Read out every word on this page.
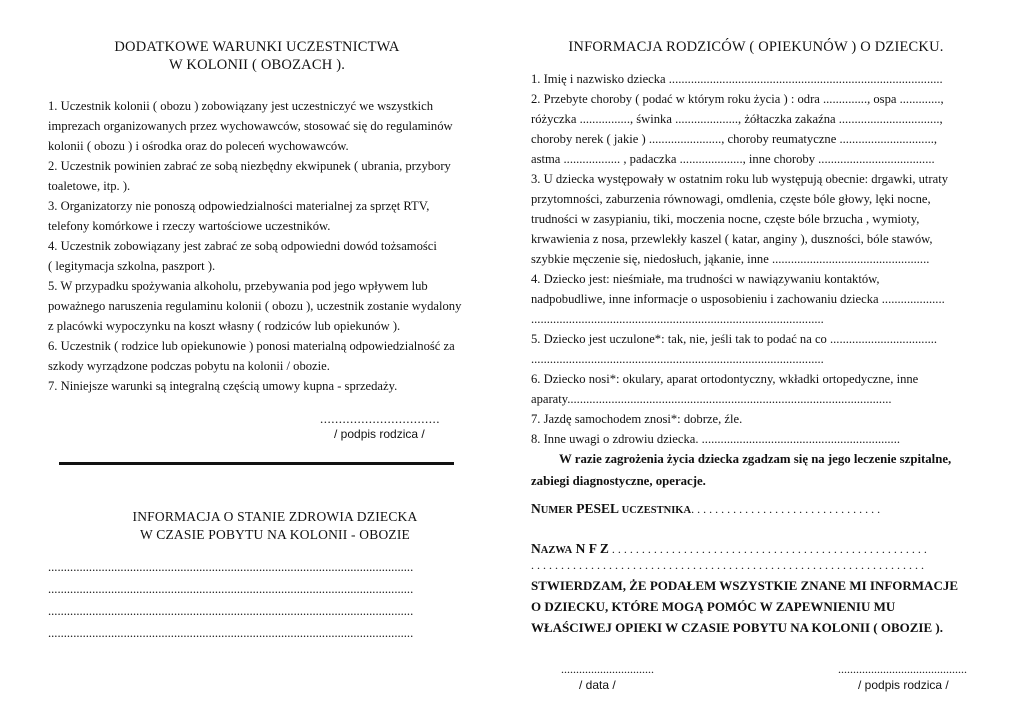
DODATKOWE WARUNKI UCZESTNICTWA
W KOLONII ( OBOZACH ).
1. Uczestnik kolonii ( obozu ) zobowiązany jest uczestniczyć we wszystkich
imprezach organizowanych przez wychowawców, stosować się do regulaminów
kolonii ( obozu ) i ośrodka oraz do poleceń wychowawców.
2. Uczestnik powinien zabrać ze sobą niezbędny ekwipunek ( ubrania, przybory
toaletowe, itp. ).
3. Organizatorzy nie ponoszą odpowiedzialności materialnej za sprzęt RTV,
telefony komórkowe i rzeczy wartościowe uczestników.
4. Uczestnik zobowiązany jest zabrać ze sobą odpowiedni dowód tożsamości
( legitymacja szkolna, paszport ).
5. W przypadku spożywania alkoholu, przebywania pod jego wpływem lub
poważnego naruszenia regulaminu kolonii ( obozu ), uczestnik zostanie wydalony
z placówki wypoczynku na koszt własny ( rodziców lub opiekunów ).
6. Uczestnik ( rodzice lub opiekunowie ) ponosi materialną odpowiedzialność za
szkody wyrządzone podczas pobytu na kolonii / obozie.
7. Niniejsze warunki są integralną częścią umowy kupna - sprzedaży.
................................
/ podpis rodzica /
INFORMACJA O STANIE ZDROWIA DZIECKA
W CZASIE POBYTU NA KOLONII - OBOZIE
....................................................................................................................
....................................................................................................................
....................................................................................................................
....................................................................................................................
INFORMACJA RODZICÓW ( OPIEKUNÓW ) O DZIECKU.
1. Imię i nazwisko dziecka .......................................................................................
2. Przebyte choroby ( podać w którym roku życia ) : odra .............., ospa .............,
różyczka ................, świnka ...................., żółtaczka zakaźna ................................,
choroby nerek ( jakie ) ......................., choroby reumatyczne ..............................,
astma .................. , padaczka ...................., inne choroby .....................................
3. U dziecka występowały w ostatnim roku lub występują obecnie: drgawki, utraty
przytomności, zaburzenia równowagi, omdlenia, częste bóle głowy, lęki nocne,
trudności w zasypianiu, tiki, moczenia nocne, częste bóle brzucha , wymioty,
krwawienia z nosa, przewlekły kaszel ( katar, anginy ), duszności, bóle stawów,
szybkie męczenie się, niedosłuch, jąkanie, inne ..................................................
4. Dziecko jest: nieśmiałe, ma trudności w nawiązywaniu kontaktów,
nadpobudliwe, inne informacje o usposobieniu i zachowaniu dziecka ....................
.............................................................................................
5. Dziecko jest uczulone*: tak, nie, jeśli tak to podać na co ..................................
.............................................................................................
6. Dziecko nosi*: okulary, aparat ortodontyczny, wkładki ortopedyczne, inne
aparaty.......................................................................................................
7. Jazdę samochodem znosi*: dobrze, źle.
8. Inne uwagi o zdrowiu dziecka. ...............................................................
W razie zagrożenia życia dziecka zgadzam się na jego leczenie szpitalne,
zabiegi diagnostyczne, operacje.
NUMER PESEL UCZESTNIKA. . . . . . . . . . . . . . . . . . . . . . . . . . . . . . . .
NAZWA N F Z . . . . . . . . . . . . . . . . . . . . . . . . . . . . . . . . . . . . . . . . . . . . . . . . . . . . .
. . . . . . . . . . . . . . . . . . . . . . . . . . . . . . . . . . . . . . . . . . . . . . . . . . . . . . . . . . . . . . . . . .
STWIERDZAM, ŻE PODAŁEM WSZYSTKIE ZNANE MI INFORMACJE
O DZIECKU, KTÓRE MOGĄ POMÓC W ZAPEWNIENIU MU
WŁAŚCIWEJ OPIEKI W CZASIE POBYTU NA KOLONII ( OBOZIE ).
...............................
/ data /
...........................................
/ podpis rodzica /
